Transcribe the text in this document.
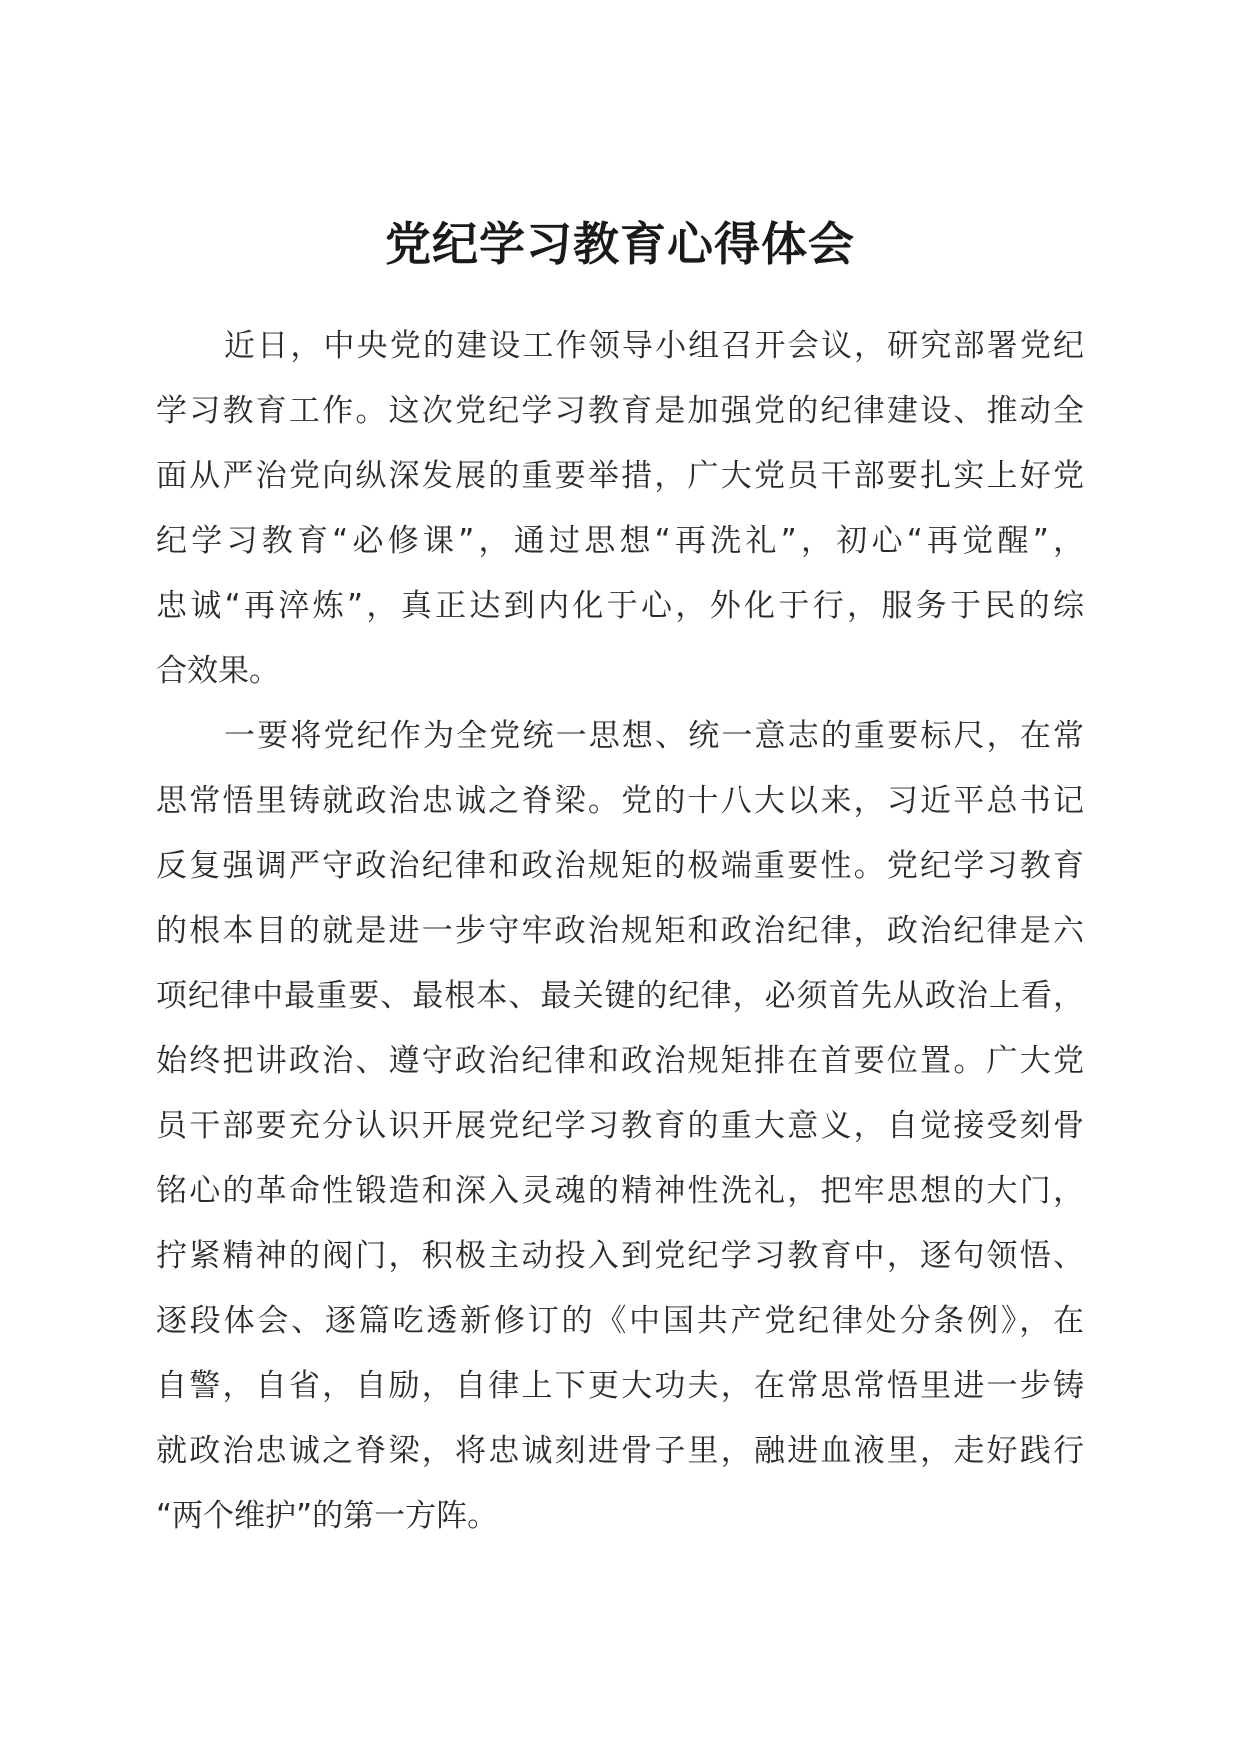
党纪学习教育心得体会
近日，中央党的建设工作领导小组召开会议，研究部署党纪
学习教育工作。这次党纪学习教育是加强党的纪律建设、推动全
面从严治党向纵深发展的重要举措，广大党员干部要扎实上好党
纪学习教育“必修课”，通过思想“再洗礼”，初心“再觉醒”，
忠诚“再淬炼”，真正达到内化于心，外化于行，服务于民的综
合效果。
一要将党纪作为全党统一思想、统一意志的重要标尺，在常
思常悟里铸就政治忠诚之脊梁。党的十八大以来，习近平总书记
反复强调严守政治纪律和政治规矩的极端重要性。党纪学习教育
的根本目的就是进一步守牢政治规矩和政治纪律，政治纪律是六
项纪律中最重要、最根本、最关键的纪律，必须首先从政治上看，
始终把讲政治、遵守政治纪律和政治规矩排在首要位置。广大党
员干部要充分认识开展党纪学习教育的重大意义，自觉接受刻骨
铭心的革命性锻造和深入灵魂的精神性洗礼，把牢思想的大门，
拧紧精神的阀门，积极主动投入到党纪学习教育中，逐句领悟、
逐段体会、逐篇吃透新修订的《中国共产党纪律处分条例》，在
自警，自省，自励，自律上下更大功夫，在常思常悟里进一步铸
就政治忠诚之脊梁，将忠诚刻进骨子里，融进血液里，走好践行
“两个维护”的第一方阵。
